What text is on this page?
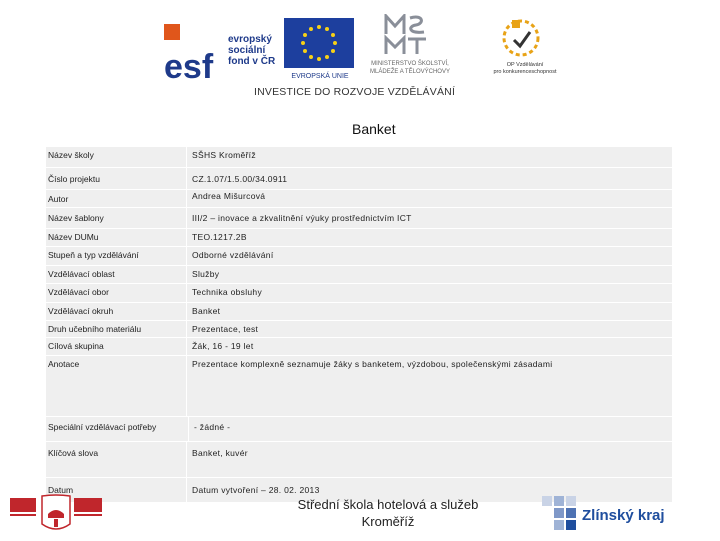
esf
evropský
sociální
fond v ČR
EVROPSKÁ UNIE
MINISTERSTVO ŠKOLSTVÍ,
MLÁDEŽE A TĚLOVÝCHOVY
OP Vzdělávání
pro konkurenceschopnost
INVESTICE DO ROZVOJE VZDĚLÁVÁNÍ
Banket
Název školy	SŠHS Kroměříž
Číslo projektu	CZ.1.07/1.5.00/34.0911
Autor	Andrea Mišurcová
Název šablony	III/2 – inovace a zkvalitnění výuky prostřednictvím ICT
Název DUMu	TEO.1217.2B
Stupeň a typ vzdělávání	Odborné vzdělávání
Vzdělávací oblast	Služby
Vzdělávací obor	Technika obsluhy
Vzdělávací okruh	Banket
Druh učebního materiálu	Prezentace, test
Cílová skupina	Žák, 16 - 19 let
Anotace	Prezentace komplexně seznamuje žáky s banketem, výzdobou, společenskými zásadami
Speciální vzdělávací potřeby	- žádné -
Klíčová slova	Banket, kuvér
Datum	Datum vytvoření – 28. 02. 2013
Střední škola hotelová a služeb
Kroměříž	Zlínský kraj
